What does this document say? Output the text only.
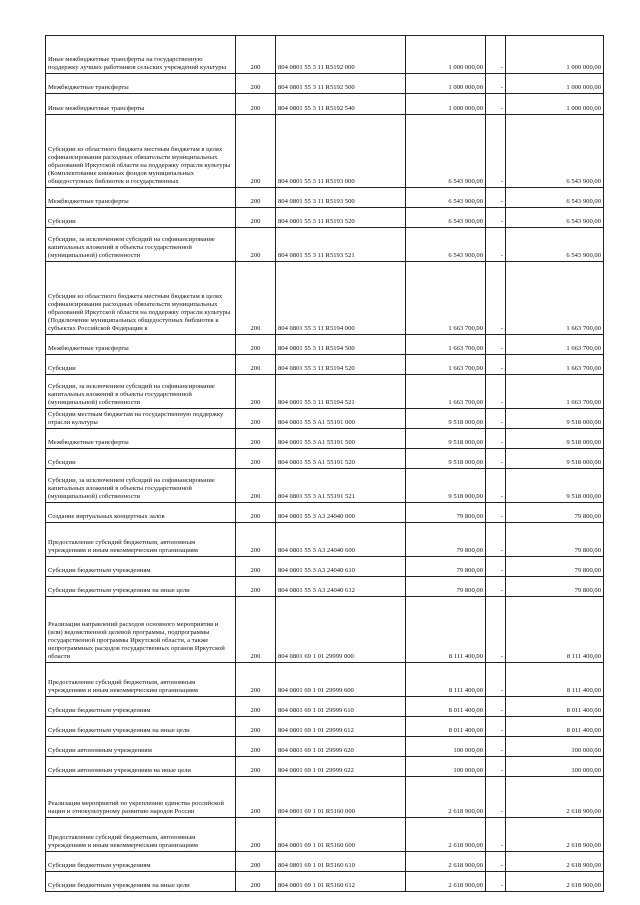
Иные межбюджетные трансферты на государственную поддержку лучших работников сельских учреждений культуры	200	804 0801 55 3 11 R5192 000	1 000 000,00	-	1 000 000,00
Межбюджетные трансферты	200	804 0801 55 3 11 R5192 500	1 000 000,00	-	1 000 000,00
Иные межбюджетные трансферты	200	804 0801 55 3 11 R5192 540	1 000 000,00	-	1 000 000,00
Субсидии из областного бюджета местным бюджетам в целях софинансирования расходных обязательств муниципальных образований Иркутской области на поддержку отрасли культуры (Комплектование книжных фондов муниципальных общедоступных библиотек и государственных	200	804 0801 55 3 11 R5193 000	6 543 900,00	-	6 543 900,00
Межбюджетные трансферты	200	804 0801 55 3 11 R5193 500	6 543 900,00	-	6 543 900,00
Субсидии	200	804 0801 55 3 11 R5193 520	6 543 900,00	-	6 543 900,00
Субсидии, за исключением субсидий на софинансирование капитальных вложений в объекты государственной (муниципальной) собственности	200	804 0801 55 3 11 R5193 521	6 543 900,00	-	6 543 900,00
Субсидии из областного бюджета местным бюджетам в целях софинансирования расходных обязательств муниципальных образований Иркутской области на поддержку отрасли культуры (Подключение муниципальных общедоступных библиотек к субъектах Российской Федерации к	200	804 0801 55 3 11 R5194 000	1 663 700,00	-	1 663 700,00
Межбюджетные трансферты	200	804 0801 55 3 11 R5194 500	1 663 700,00	-	1 663 700,00
Субсидии	200	804 0801 55 3 11 R5194 520	1 663 700,00	-	1 663 700,00
Субсидии, за исключением субсидий на софинансирование капитальных вложений в объекты государственной (муниципальной) собственности	200	804 0801 55 3 11 R5194 521	1 663 700,00	-	1 663 700,00
Субсидии местным бюджетам на государственную поддержку отрасли культуры	200	804 0801 55 3 A1 55191 000	9 518 000,00	-	9 518 000,00
Межбюджетные трансферты	200	804 0801 55 3 A1 55191 500	9 518 000,00	-	9 518 000,00
Субсидии	200	804 0801 55 3 A1 55191 520	9 518 000,00	-	9 518 000,00
Субсидии, за исключением субсидий на софинансирование капитальных вложений в объекты государственной (муниципальной) собственности	200	804 0801 55 3 A1 55191 521	9 518 000,00	-	9 518 000,00
Создание виртуальных концертных залов	200	804 0801 55 3 A3 24040 000	79 800,00	-	79 800,00
Предоставление субсидий бюджетным, автономным учреждениям и иным некоммерческим организациям	200	804 0801 55 3 A3 24040 600	79 800,00	-	79 800,00
Субсидии бюджетным учреждениям	200	804 0801 55 3 A3 24040 610	79 800,00	-	79 800,00
Субсидии бюджетным учреждениям на иные цели	200	804 0801 55 3 A3 24040 612	79 800,00	-	79 800,00
Реализация направлений расходов основного мероприятия и (или) ведомственной целевой программы, подпрограммы государственной программы Иркутской области, а также непрограммных расходов государственных органов Иркутской области	200	804 0801 69 1 01 29999 000	8 111 400,00	-	8 111 400,00
Предоставление субсидий бюджетным, автономным учреждениям и иным некоммерческим организациям	200	804 0801 69 1 01 29999 600	8 111 400,00	-	8 111 400,00
Субсидии бюджетным учреждениям	200	804 0801 69 1 01 29999 610	8 011 400,00	-	8 011 400,00
Субсидии бюджетным учреждениям на иные цели	200	804 0801 69 1 01 29999 612	8 011 400,00	-	8 011 400,00
Субсидии автономным учреждениям	200	804 0801 69 1 01 29999 620	100 000,00	-	100 000,00
Субсидии автономным учреждениям на иные цели	200	804 0801 69 1 01 29999 622	100 000,00	-	100 000,00
Реализация мероприятий по укреплению единства российской нации и этнокультурному развитию народов России	200	804 0801 69 1 01 R5160 000	2 618 900,00	-	2 618 900,00
Предоставление субсидий бюджетным, автономным учреждениям и иным некоммерческим организациям	200	804 0801 69 1 01 R5160 600	2 618 900,00	-	2 618 900,00
Субсидии бюджетным учреждениям	200	804 0801 69 1 01 R5160 610	2 618 900,00	-	2 618 900,00
Субсидии бюджетным учреждениям на иные цели	200	804 0801 69 1 01 R5160 612	2 618 900,00	-	2 618 900,00
